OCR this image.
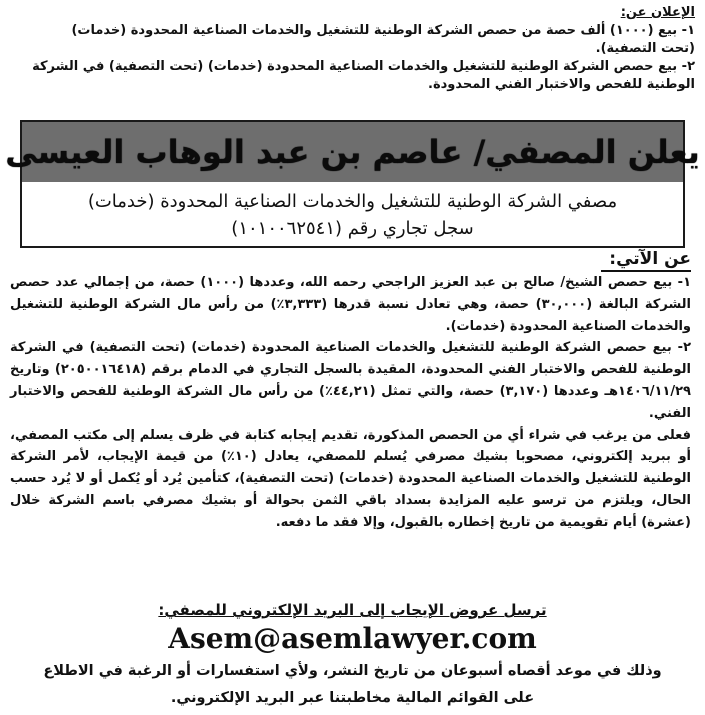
الإعلان عن:
١- بيع (١٠٠٠) ألف حصة من حصص الشركة الوطنية للتشغيل والخدمات الصناعية المحدودة (خدمات)
(تحت التصفية).
٢- بيع حصص الشركة الوطنية للتشغيل والخدمات الصناعية المحدودة (خدمات) (تحت التصفية) في الشركة
الوطنية للفحص والاختبار الفني المحدودة.
يعلن المصفي/ عاصم بن عبد الوهاب العيسى
مصفي الشركة الوطنية للتشغيل والخدمات الصناعية المحدودة (خدمات)
سجل تجاري رقم (١٠١٠٠٦٢٥٤١)
عن الآتي:

١- بيع حصص الشيخ/ صالح بن عبد العزيز الراجحي رحمه الله، وعددها (١٠٠٠) حصة، من إجمالي عدد حصص الشركة البالغة (٣٠,٠٠٠) حصة، وهي تعادل نسبة قدرها (٣,٣٣٣٪) من رأس مال الشركة الوطنية للتشغيل والخدمات الصناعية المحدودة (خدمات).

٢- بيع حصص الشركة الوطنية للتشغيل والخدمات الصناعية المحدودة (خدمات) (تحت التصفية) في الشركة الوطنية للفحص والاختبار الفني المحدودة، المقيدة بالسجل التجاري في الدمام برقم (٢٠٥٠٠١٦٤١٨) وتاريخ ١٤٠٦/١١/٢٩هـ وعددها (٣,١٧٠) حصة، والتي تمثل (٤٤,٢١٪) من رأس مال الشركة الوطنية للفحص والاختبار الفني.

فعلى من يرغب في شراء أي من الحصص المذكورة، تقديم إيجابه كتابة في ظرف يسلم إلى مكتب المصفي، أو ببريد إلكتروني، مصحوبا بشيك مصرفي يُسلم للمصفي، يعادل (١٠٪) من قيمة الإيجاب، لأمر الشركة الوطنية للتشغيل والخدمات الصناعية المحدودة (خدمات) (تحت التصفية)، كتأمين يُرد أو يُكمل أو لا يُرد حسب الحال، ويلتزم من ترسو عليه المزايدة بسداد باقي الثمن بحوالة أو بشيك مصرفي باسم الشركة خلال (عشرة) أيام تقويمية من تاريخ إخطاره بالقبول، وإلا فقد ما دفعه.

ترسل عروض الإيجاب إلى البريد الإلكتروني للمصفي:
Asem@asemlawyer.com
وذلك في موعد أقصاه أسبوعان من تاريخ النشر، ولأي استفسارات أو الرغبة في الاطلاع
على القوائم المالية مخاطبتنا عبر البريد الإلكتروني.
